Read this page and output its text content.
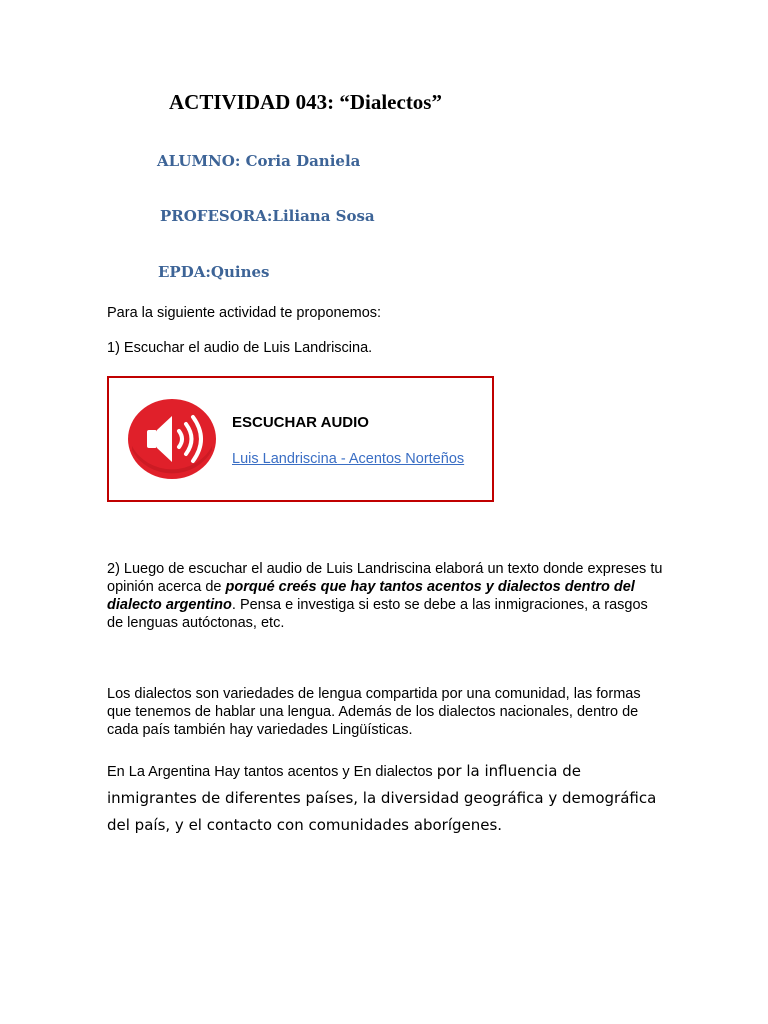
ACTIVIDAD 043: “Dialectos”
ALUMNO: Coria Daniela
PROFESORA:Liliana Sosa
EPDA:Quines
Para la siguiente actividad te proponemos:
1) Escuchar el audio de Luis Landriscina.
ESCUCHAR AUDIO
Luis Landriscina - Acentos Norteños
2) Luego de escuchar el audio de Luis Landriscina elaborá un texto donde expreses tu opinión acerca de porqué creés que hay tantos acentos y dialectos dentro del dialecto argentino. Pensa e investiga si esto se debe a las inmigraciones, a rasgos de lenguas autóctonas, etc.
Los dialectos son variedades de lengua compartida por una comunidad, las formas que tenemos de hablar una lengua. Además de los dialectos nacionales, dentro de cada país también hay variedades Lingüísticas.
En La Argentina Hay tantos acentos y En dialectos por la influencia de inmigrantes de diferentes países, la diversidad geográfica y demográfica del país, y el contacto con comunidades aborígenes.
